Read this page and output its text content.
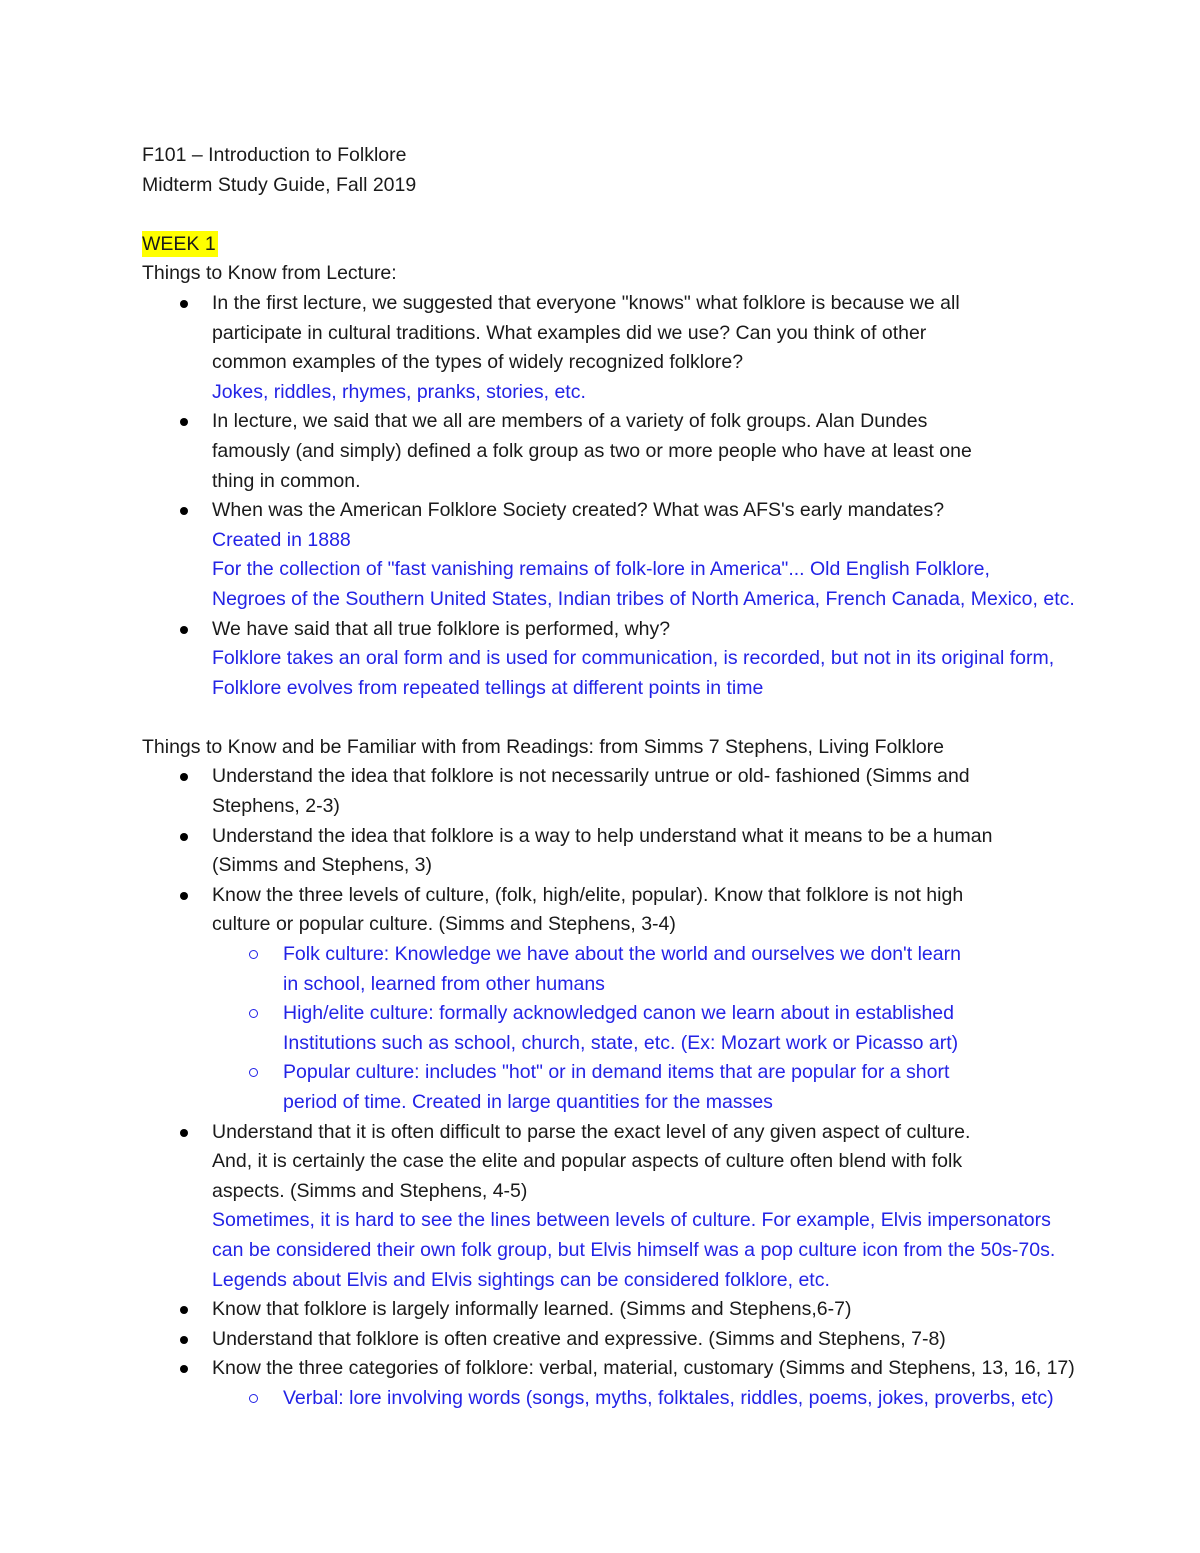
F101 – Introduction to Folklore
Midterm Study Guide, Fall 2019
WEEK 1
Things to Know from Lecture:
In the first lecture, we suggested that everyone "knows" what folklore is because we all
participate in cultural traditions. What examples did we use? Can you think of other
common examples of the types of widely recognized folklore?
Jokes, riddles, rhymes, pranks, stories, etc.
In lecture, we said that we all are members of a variety of folk groups. Alan Dundes
famously (and simply) defined a folk group as two or more people who have at least one
thing in common.
When was the American Folklore Society created? What was AFS's early mandates?
Created in 1888
For the collection of "fast vanishing remains of folk-lore in America"... Old English Folklore,
Negroes of the Southern United States, Indian tribes of North America, French Canada, Mexico, etc.
We have said that all true folklore is performed, why?
Folklore takes an oral form and is used for communication, is recorded, but not in its original form,
Folklore evolves from repeated tellings at different points in time
Things to Know and be Familiar with from Readings: from Simms 7 Stephens, Living Folklore
Understand the idea that folklore is not necessarily untrue or old- fashioned (Simms and
Stephens, 2-3)
Understand the idea that folklore is a way to help understand what it means to be a human
(Simms and Stephens, 3)
Know the three levels of culture, (folk, high/elite, popular). Know that folklore is not high
culture or popular culture. (Simms and Stephens, 3-4)
Folk culture: Knowledge we have about the world and ourselves we don't learn
in school, learned from other humans
High/elite culture: formally acknowledged canon we learn about in established
Institutions such as school, church, state, etc. (Ex: Mozart work or Picasso art)
Popular culture: includes "hot" or in demand items that are popular for a short
period of time. Created in large quantities for the masses
Understand that it is often difficult to parse the exact level of any given aspect of culture.
And, it is certainly the case the elite and popular aspects of culture often blend with folk
aspects. (Simms and Stephens, 4-5)
Sometimes, it is hard to see the lines between levels of culture. For example, Elvis impersonators
can be considered their own folk group, but Elvis himself was a pop culture icon from the 50s-70s.
Legends about Elvis and Elvis sightings can be considered folklore, etc.
Know that folklore is largely informally learned. (Simms and Stephens,6-7)
Understand that folklore is often creative and expressive. (Simms and Stephens, 7-8)
Know the three categories of folklore: verbal, material, customary (Simms and Stephens, 13, 16, 17)
Verbal: lore involving words (songs, myths, folktales, riddles, poems, jokes, proverbs, etc)
